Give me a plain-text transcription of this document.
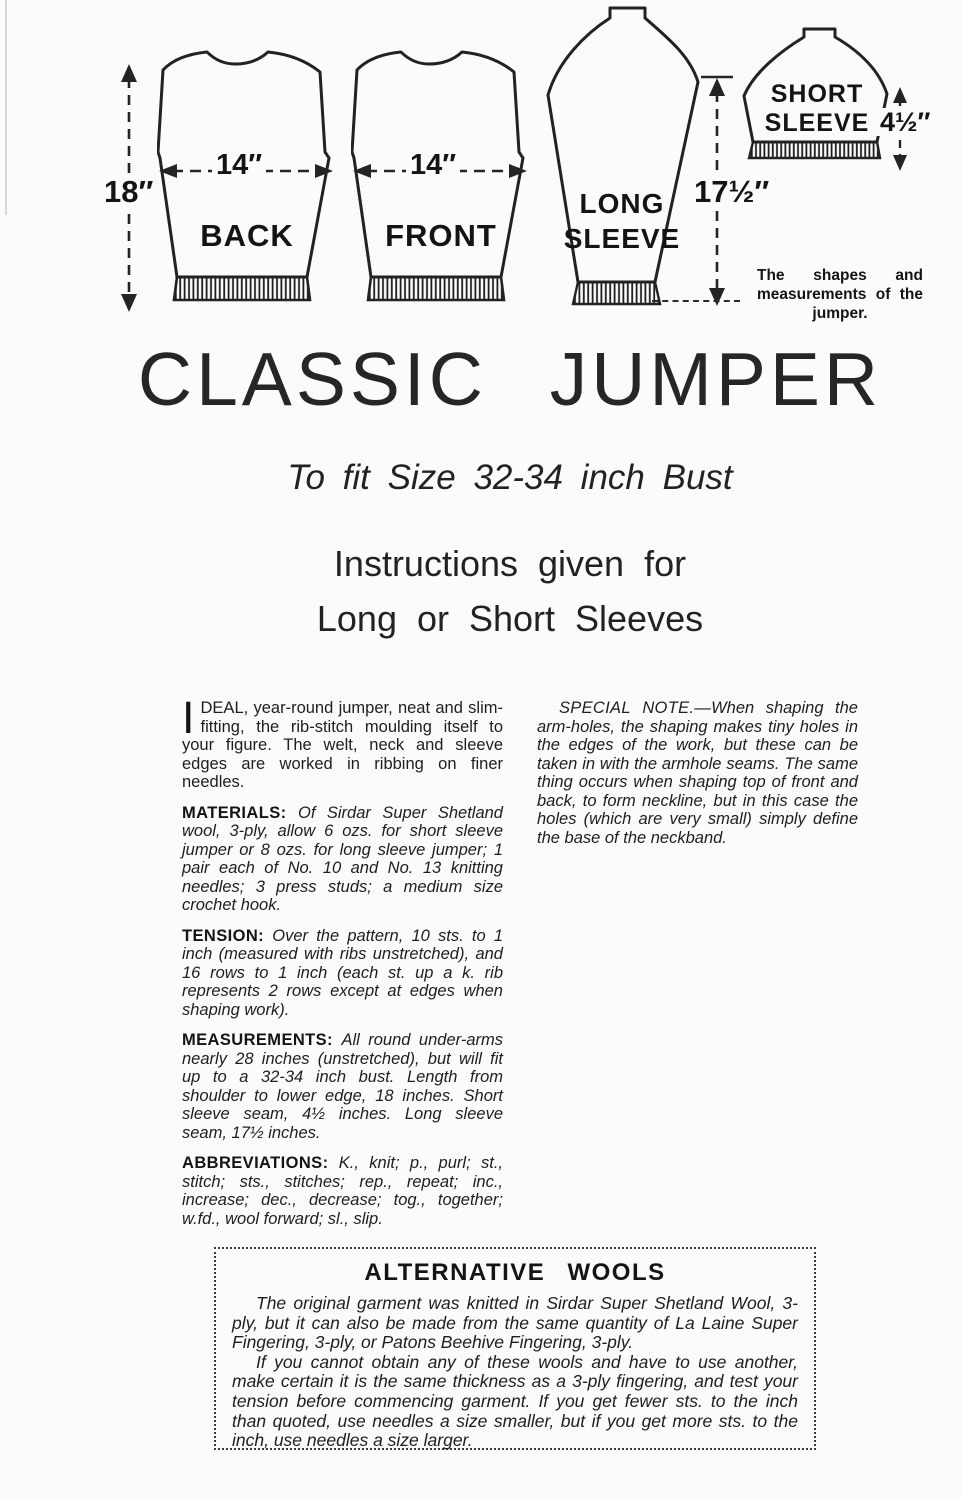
18″
14″
BACK
14″
FRONT
LONG
SLEEVE
17½″
SHORT
SLEEVE 4½″
The shapes and measurements of the jumper.
CLASSIC JUMPER
To fit Size 32-34 inch Bust
Instructions given for
Long or Short Sleeves

IDEAL, year-round jumper, neat and slim-fitting, the rib-stitch moulding itself to your figure. The welt, neck and sleeve edges are worked in ribbing on finer needles.

MATERIALS: Of Sirdar Super Shetland wool, 3-ply, allow 6 ozs. for short sleeve jumper or 8 ozs. for long sleeve jumper; 1 pair each of No. 10 and No. 13 knitting needles; 3 press studs; a medium size crochet hook.

TENSION: Over the pattern, 10 sts. to 1 inch (measured with ribs unstretched), and 16 rows to 1 inch (each st. up a k. rib represents 2 rows except at edges when shaping work).

MEASUREMENTS: All round under-arms nearly 28 inches (unstretched), but will fit up to a 32-34 inch bust. Length from shoulder to lower edge, 18 inches. Short sleeve seam, 4½ inches. Long sleeve seam, 17½ inches.

ABBREVIATIONS: K., knit; p., purl; st., stitch; sts., stitches; rep., repeat; inc., increase; dec., decrease; tog., together; w.fd., wool forward; sl., slip.

SPECIAL NOTE.—When shaping the arm-holes, the shaping makes tiny holes in the edges of the work, but these can be taken in with the armhole seams. The same thing occurs when shaping top of front and back, to form neckline, but in this case the holes (which are very small) simply define the base of the neckband.

ALTERNATIVE WOOLS

The original garment was knitted in Sirdar Super Shetland Wool, 3-ply, but it can also be made from the same quantity of La Laine Super Fingering, 3-ply, or Patons Beehive Fingering, 3-ply.

If you cannot obtain any of these wools and have to use another, make certain it is the same thickness as a 3-ply fingering, and test your tension before commencing garment. If you get fewer sts. to the inch than quoted, use needles a size smaller, but if you get more sts. to the inch, use needles a size larger.
